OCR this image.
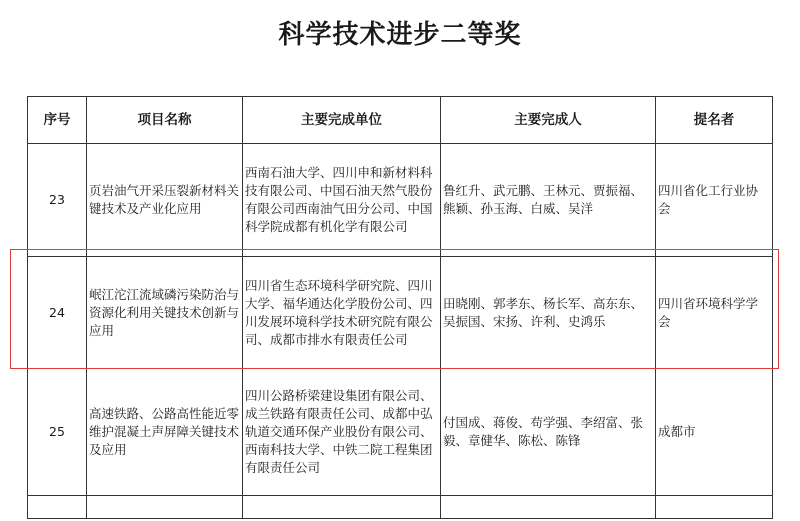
科学技术进步二等奖
序号	项目名称	主要完成单位	主要完成人	提名者
23	页岩油气开采压裂新材料关键技术及产业化应用	西南石油大学、四川申和新材料科技有限公司、中国石油天然气股份有限公司西南油气田分公司、中国科学院成都有机化学有限公司	鲁红升、武元鹏、王林元、贾振福、熊颖、孙玉海、白威、吴洋	四川省化工行业协会
24	岷江沱江流域磷污染防治与资源化利用关键技术创新与应用	四川省生态环境科学研究院、四川大学、福华通达化学股份公司、四川发展环境科学技术研究院有限公司、成都市排水有限责任公司	田晓刚、郭孝东、杨长军、高东东、吴振国、宋扬、许利、史鸿乐	四川省环境科学学会
25	高速铁路、公路高性能近零维护混凝土声屏障关键技术及应用	四川公路桥梁建设集团有限公司、成兰铁路有限责任公司、成都中弘轨道交通环保产业股份有限公司、西南科技大学、中铁二院工程集团有限责任公司	付国成、蒋俊、苟学强、李绍富、张毅、章健华、陈松、陈锋	成都市
